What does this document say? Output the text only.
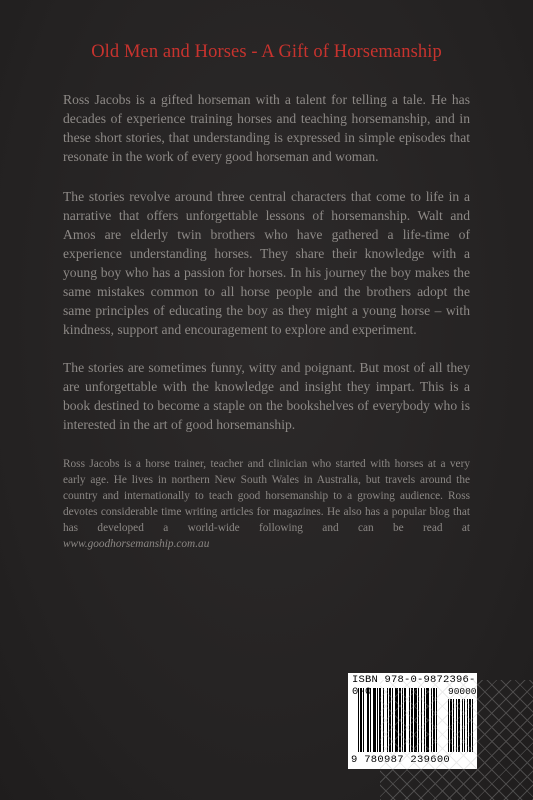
Old Men and Horses - A Gift of Horsemanship

Ross Jacobs is a gifted horseman with a talent for telling a tale. He has decades of experience training horses and teaching horsemanship, and in these short stories, that understanding is expressed in simple episodes that resonate in the work of every good horseman and woman.

The stories revolve around three central characters that come to life in a narrative that offers unforgettable lessons of horsemanship. Walt and Amos are elderly twin brothers who have gathered a life-time of experience understanding horses. They share their knowledge with a young boy who has a passion for horses. In his journey the boy makes the same mistakes common to all horse people and the brothers adopt the same principles of educating the boy as they might a young horse – with kindness, support and encouragement to explore and experiment.

The stories are sometimes funny, witty and poignant. But most of all they are unforgettable with the knowledge and insight they impart. This is a book destined to become a staple on the bookshelves of everybody who is interested in the art of good horsemanship.

Ross Jacobs is a horse trainer, teacher and clinician who started with horses at a very early age. He lives in northern New South Wales in Australia, but travels around the country and internationally to teach good horsemanship to a growing audience. Ross devotes considerable time writing articles for magazines. He also has a popular blog that has developed a world-wide following and can be read at www.goodhorsemanship.com.au

ISBN 978-0-9872396-0-0	90000
9 780987 239600
